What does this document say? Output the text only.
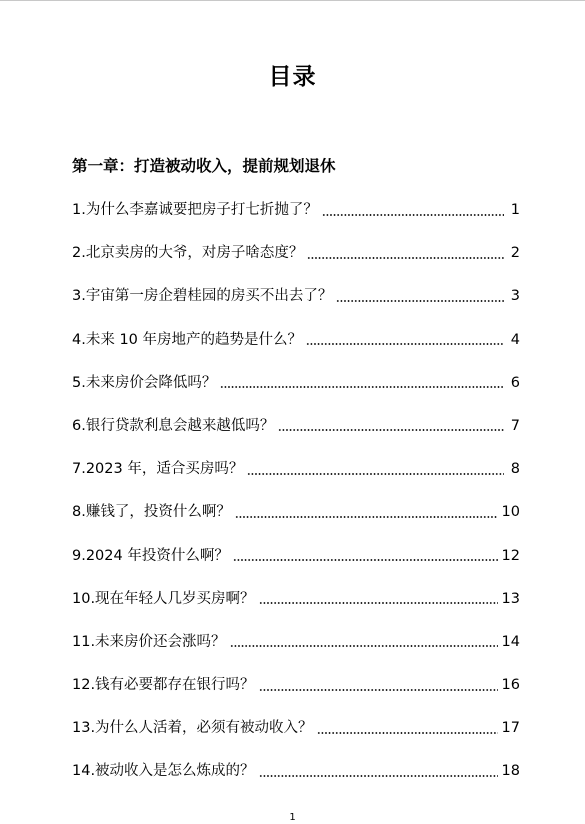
目录
第一章：打造被动收入，提前规划退休
1.为什么李嘉诚要把房子打七折抛了？	1
2.北京卖房的大爷，对房子啥态度？	2
3.宇宙第一房企碧桂园的房买不出去了？	3
4.未来 10 年房地产的趋势是什么？	4
5.未来房价会降低吗？	6
6.银行贷款利息会越来越低吗？	7
7.2023 年，适合买房吗？	8
8.赚钱了，投资什么啊？	10
9.2024 年投资什么啊？	12
10.现在年轻人几岁买房啊？	13
11.未来房价还会涨吗？	14
12.钱有必要都存在银行吗？	16
13.为什么人活着，必须有被动收入？	17
14.被动收入是怎么炼成的？	18
1
